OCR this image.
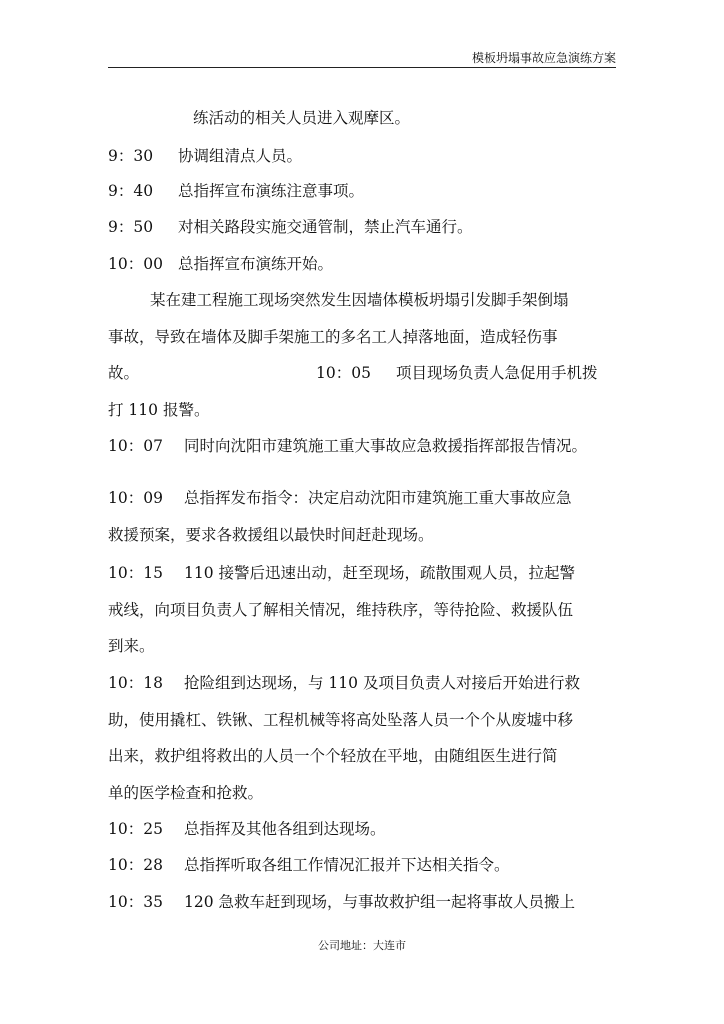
模板坍塌事故应急演练方案
练活动的相关人员进入观摩区。
9：30 协调组清点人员。
9：40 总指挥宣布演练注意事项。
9：50 对相关路段实施交通管制，禁止汽车通行。
10：00 总指挥宣布演练开始。
某在建工程施工现场突然发生因墙体模板坍塌引发脚手架倒塌
事故，导致在墙体及脚手架施工的多名工人掉落地面，造成轻伤事
故。	10：05 项目现场负责人急促用手机拨
打 110 报警。
10：07 同时向沈阳市建筑施工重大事故应急救援指挥部报告情况。
10：09 总指挥发布指令：决定启动沈阳市建筑施工重大事故应急
救援预案，要求各救援组以最快时间赶赴现场。
10：15 110 接警后迅速出动，赶至现场，疏散围观人员，拉起警
戒线，向项目负责人了解相关情况，维持秩序，等待抢险、救援队伍
到来。
10：18 抢险组到达现场，与 110 及项目负责人对接后开始进行救
助，使用撬杠、铁锹、工程机械等将高处坠落人员一个个从废墟中移
出来，救护组将救出的人员一个个轻放在平地，由随组医生进行简
单的医学检查和抢救。
10：25 总指挥及其他各组到达现场。
10：28 总指挥听取各组工作情况汇报并下达相关指令。
10：35 120 急救车赶到现场，与事故救护组一起将事故人员搬上
公司地址：大连市
